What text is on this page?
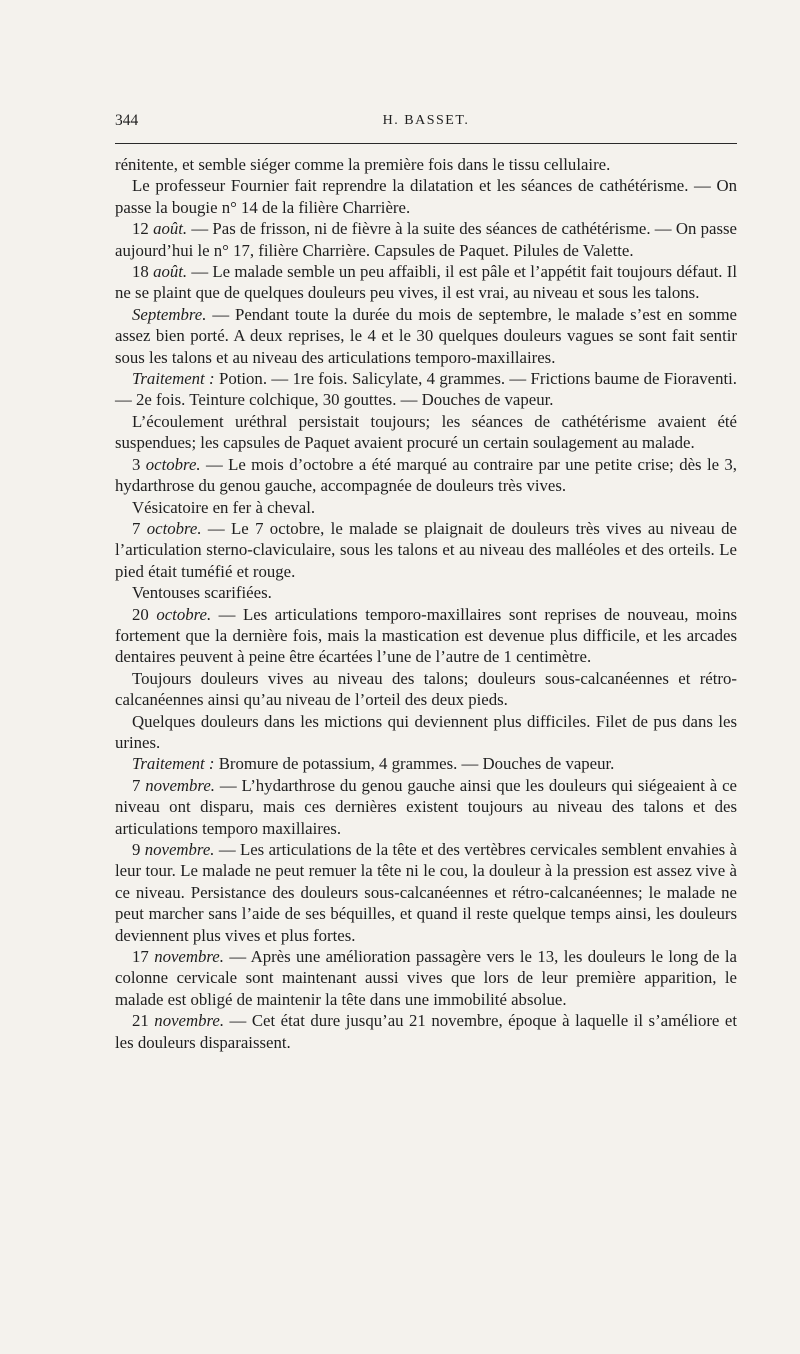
344	H. BASSET.

rénitente, et semble siéger comme la première fois dans le tissu cellulaire.

Le professeur Fournier fait reprendre la dilatation et les séances de cathétérisme. — On passe la bougie n° 14 de la filière Charrière.

12 août. — Pas de frisson, ni de fièvre à la suite des séances de cathétérisme. — On passe aujourd’hui le n° 17, filière Charrière. Capsules de Paquet. Pilules de Valette.

18 août. — Le malade semble un peu affaibli, il est pâle et l’appétit fait toujours défaut. Il ne se plaint que de quelques douleurs peu vives, il est vrai, au niveau et sous les talons.

Septembre. — Pendant toute la durée du mois de septembre, le malade s’est en somme assez bien porté. A deux reprises, le 4 et le 30 quelques douleurs vagues se sont fait sentir sous les talons et au niveau des articulations temporo-maxillaires.

Traitement : Potion. — 1re fois. Salicylate, 4 grammes. — Frictions baume de Fioraventi. — 2e fois. Teinture colchique, 30 gouttes. — Douches de vapeur.

L’écoulement uréthral persistait toujours; les séances de cathétérisme avaient été suspendues; les capsules de Paquet avaient procuré un certain soulagement au malade.

3 octobre. — Le mois d’octobre a été marqué au contraire par une petite crise; dès le 3, hydarthrose du genou gauche, accompagnée de douleurs très vives.

Vésicatoire en fer à cheval.

7 octobre. — Le 7 octobre, le malade se plaignait de douleurs très vives au niveau de l’articulation sterno-claviculaire, sous les talons et au niveau des malléoles et des orteils. Le pied était tuméfié et rouge.

Ventouses scarifiées.

20 octobre. — Les articulations temporo-maxillaires sont reprises de nouveau, moins fortement que la dernière fois, mais la mastication est devenue plus difficile, et les arcades dentaires peuvent à peine être écartées l’une de l’autre de 1 centimètre.

Toujours douleurs vives au niveau des talons; douleurs sous-calcanéennes et rétro-calcanéennes ainsi qu’au niveau de l’orteil des deux pieds.

Quelques douleurs dans les mictions qui deviennent plus difficiles. Filet de pus dans les urines.

Traitement : Bromure de potassium, 4 grammes. — Douches de vapeur.

7 novembre. — L’hydarthrose du genou gauche ainsi que les douleurs qui siégeaient à ce niveau ont disparu, mais ces dernières existent toujours au niveau des talons et des articulations temporo maxillaires.

9 novembre. — Les articulations de la tête et des vertèbres cervicales semblent envahies à leur tour. Le malade ne peut remuer la tête ni le cou, la douleur à la pression est assez vive à ce niveau. Persistance des douleurs sous-calcanéennes et rétro-calcanéennes; le malade ne peut marcher sans l’aide de ses béquilles, et quand il reste quelque temps ainsi, les douleurs deviennent plus vives et plus fortes.

17 novembre. — Après une amélioration passagère vers le 13, les douleurs le long de la colonne cervicale sont maintenant aussi vives que lors de leur première apparition, le malade est obligé de maintenir la tête dans une immobilité absolue.

21 novembre. — Cet état dure jusqu’au 21 novembre, époque à laquelle il s’améliore et les douleurs disparaissent.
